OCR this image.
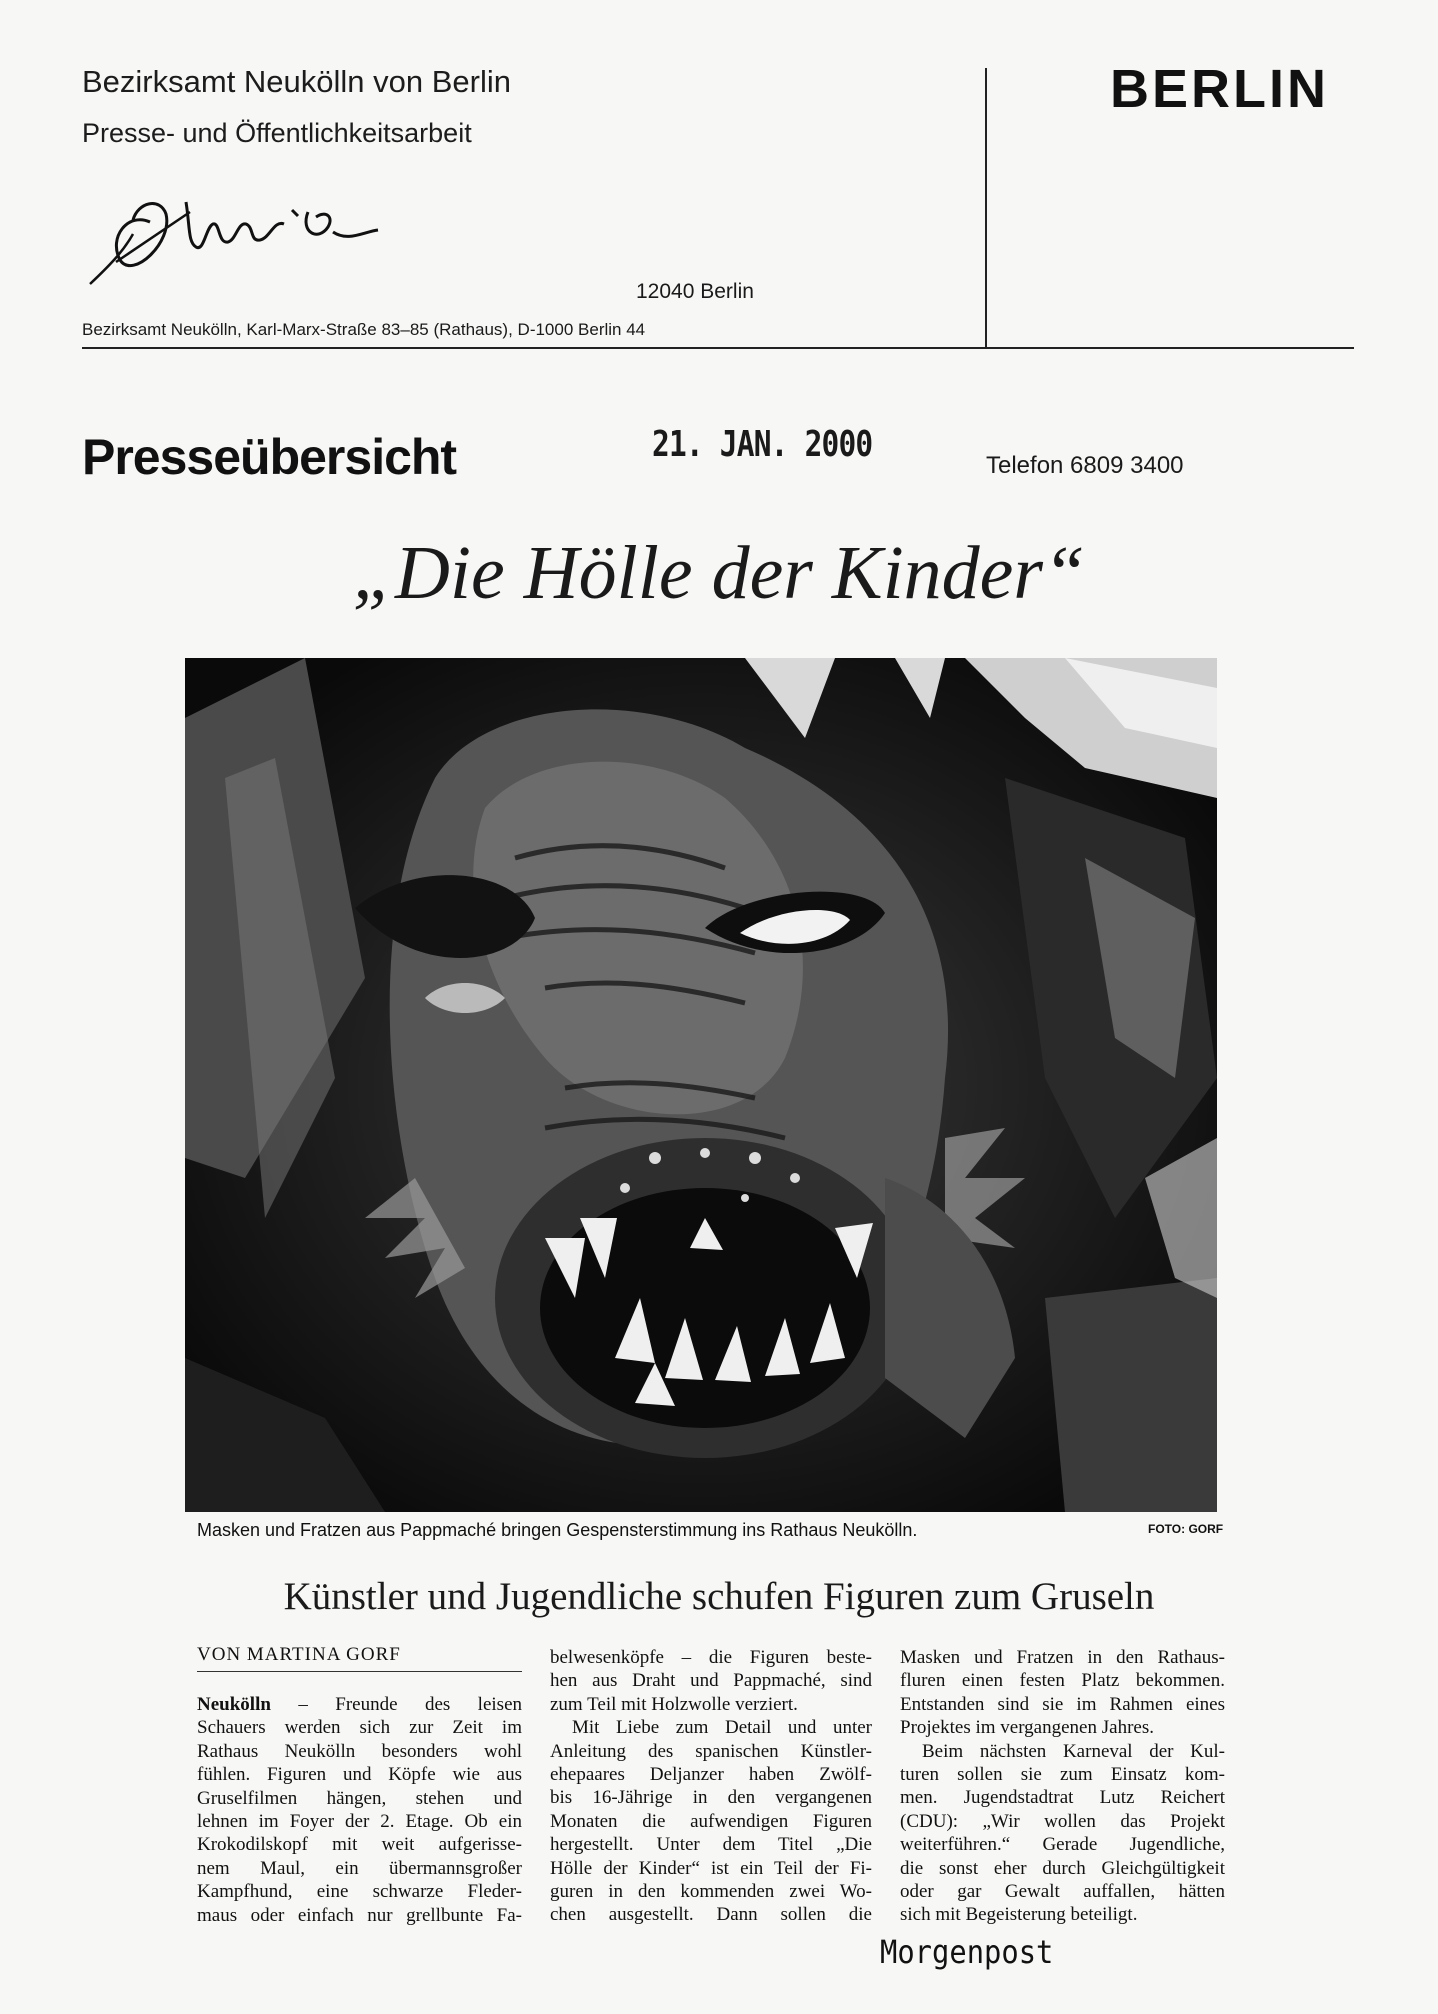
Bezirksamt Neukölln von Berlin
Presse- und Öffentlichkeitsarbeit
12040 Berlin
Bezirksamt Neukölln, Karl-Marx-Straße 83–85 (Rathaus), D-1000 Berlin 44
BERLIN
Presseübersicht	21. JAN. 2000
Telefon 6809 3400
„Die Hölle der Kinder“
Masken und Fratzen aus Pappmaché bringen Gespensterstimmung ins Rathaus Neukölln.	FOTO: GORF
Künstler und Jugendliche schufen Figuren zum Gruseln
VON MARTINA GORF
Neukölln – Freunde des leisen
Schauers werden sich zur Zeit im
Rathaus Neukölln besonders wohl
fühlen. Figuren und Köpfe wie aus
Gruselfilmen hängen, stehen und
lehnen im Foyer der 2. Etage. Ob ein
Krokodilskopf mit weit aufgerisse-
nem Maul, ein übermannsgroßer
Kampfhund, eine schwarze Fleder-
maus oder einfach nur grellbunte Fa-
belwesenköpfe – die Figuren beste-
hen aus Draht und Pappmaché, sind
zum Teil mit Holzwolle verziert.
Mit Liebe zum Detail und unter
Anleitung des spanischen Künstler-
ehepaares Deljanzer haben Zwölf-
bis 16-Jährige in den vergangenen
Monaten die aufwendigen Figuren
hergestellt. Unter dem Titel „Die
Hölle der Kinder“ ist ein Teil der Fi-
guren in den kommenden zwei Wo-
chen ausgestellt. Dann sollen die
Masken und Fratzen in den Rathaus-
fluren einen festen Platz bekommen.
Entstanden sind sie im Rahmen eines
Projektes im vergangenen Jahres.
Beim nächsten Karneval der Kul-
turen sollen sie zum Einsatz kom-
men. Jugendstadtrat Lutz Reichert
(CDU): „Wir wollen das Projekt
weiterführen.“ Gerade Jugendliche,
die sonst eher durch Gleichgültigkeit
oder gar Gewalt auffallen, hätten
sich mit Begeisterung beteiligt.
Morgenpost
